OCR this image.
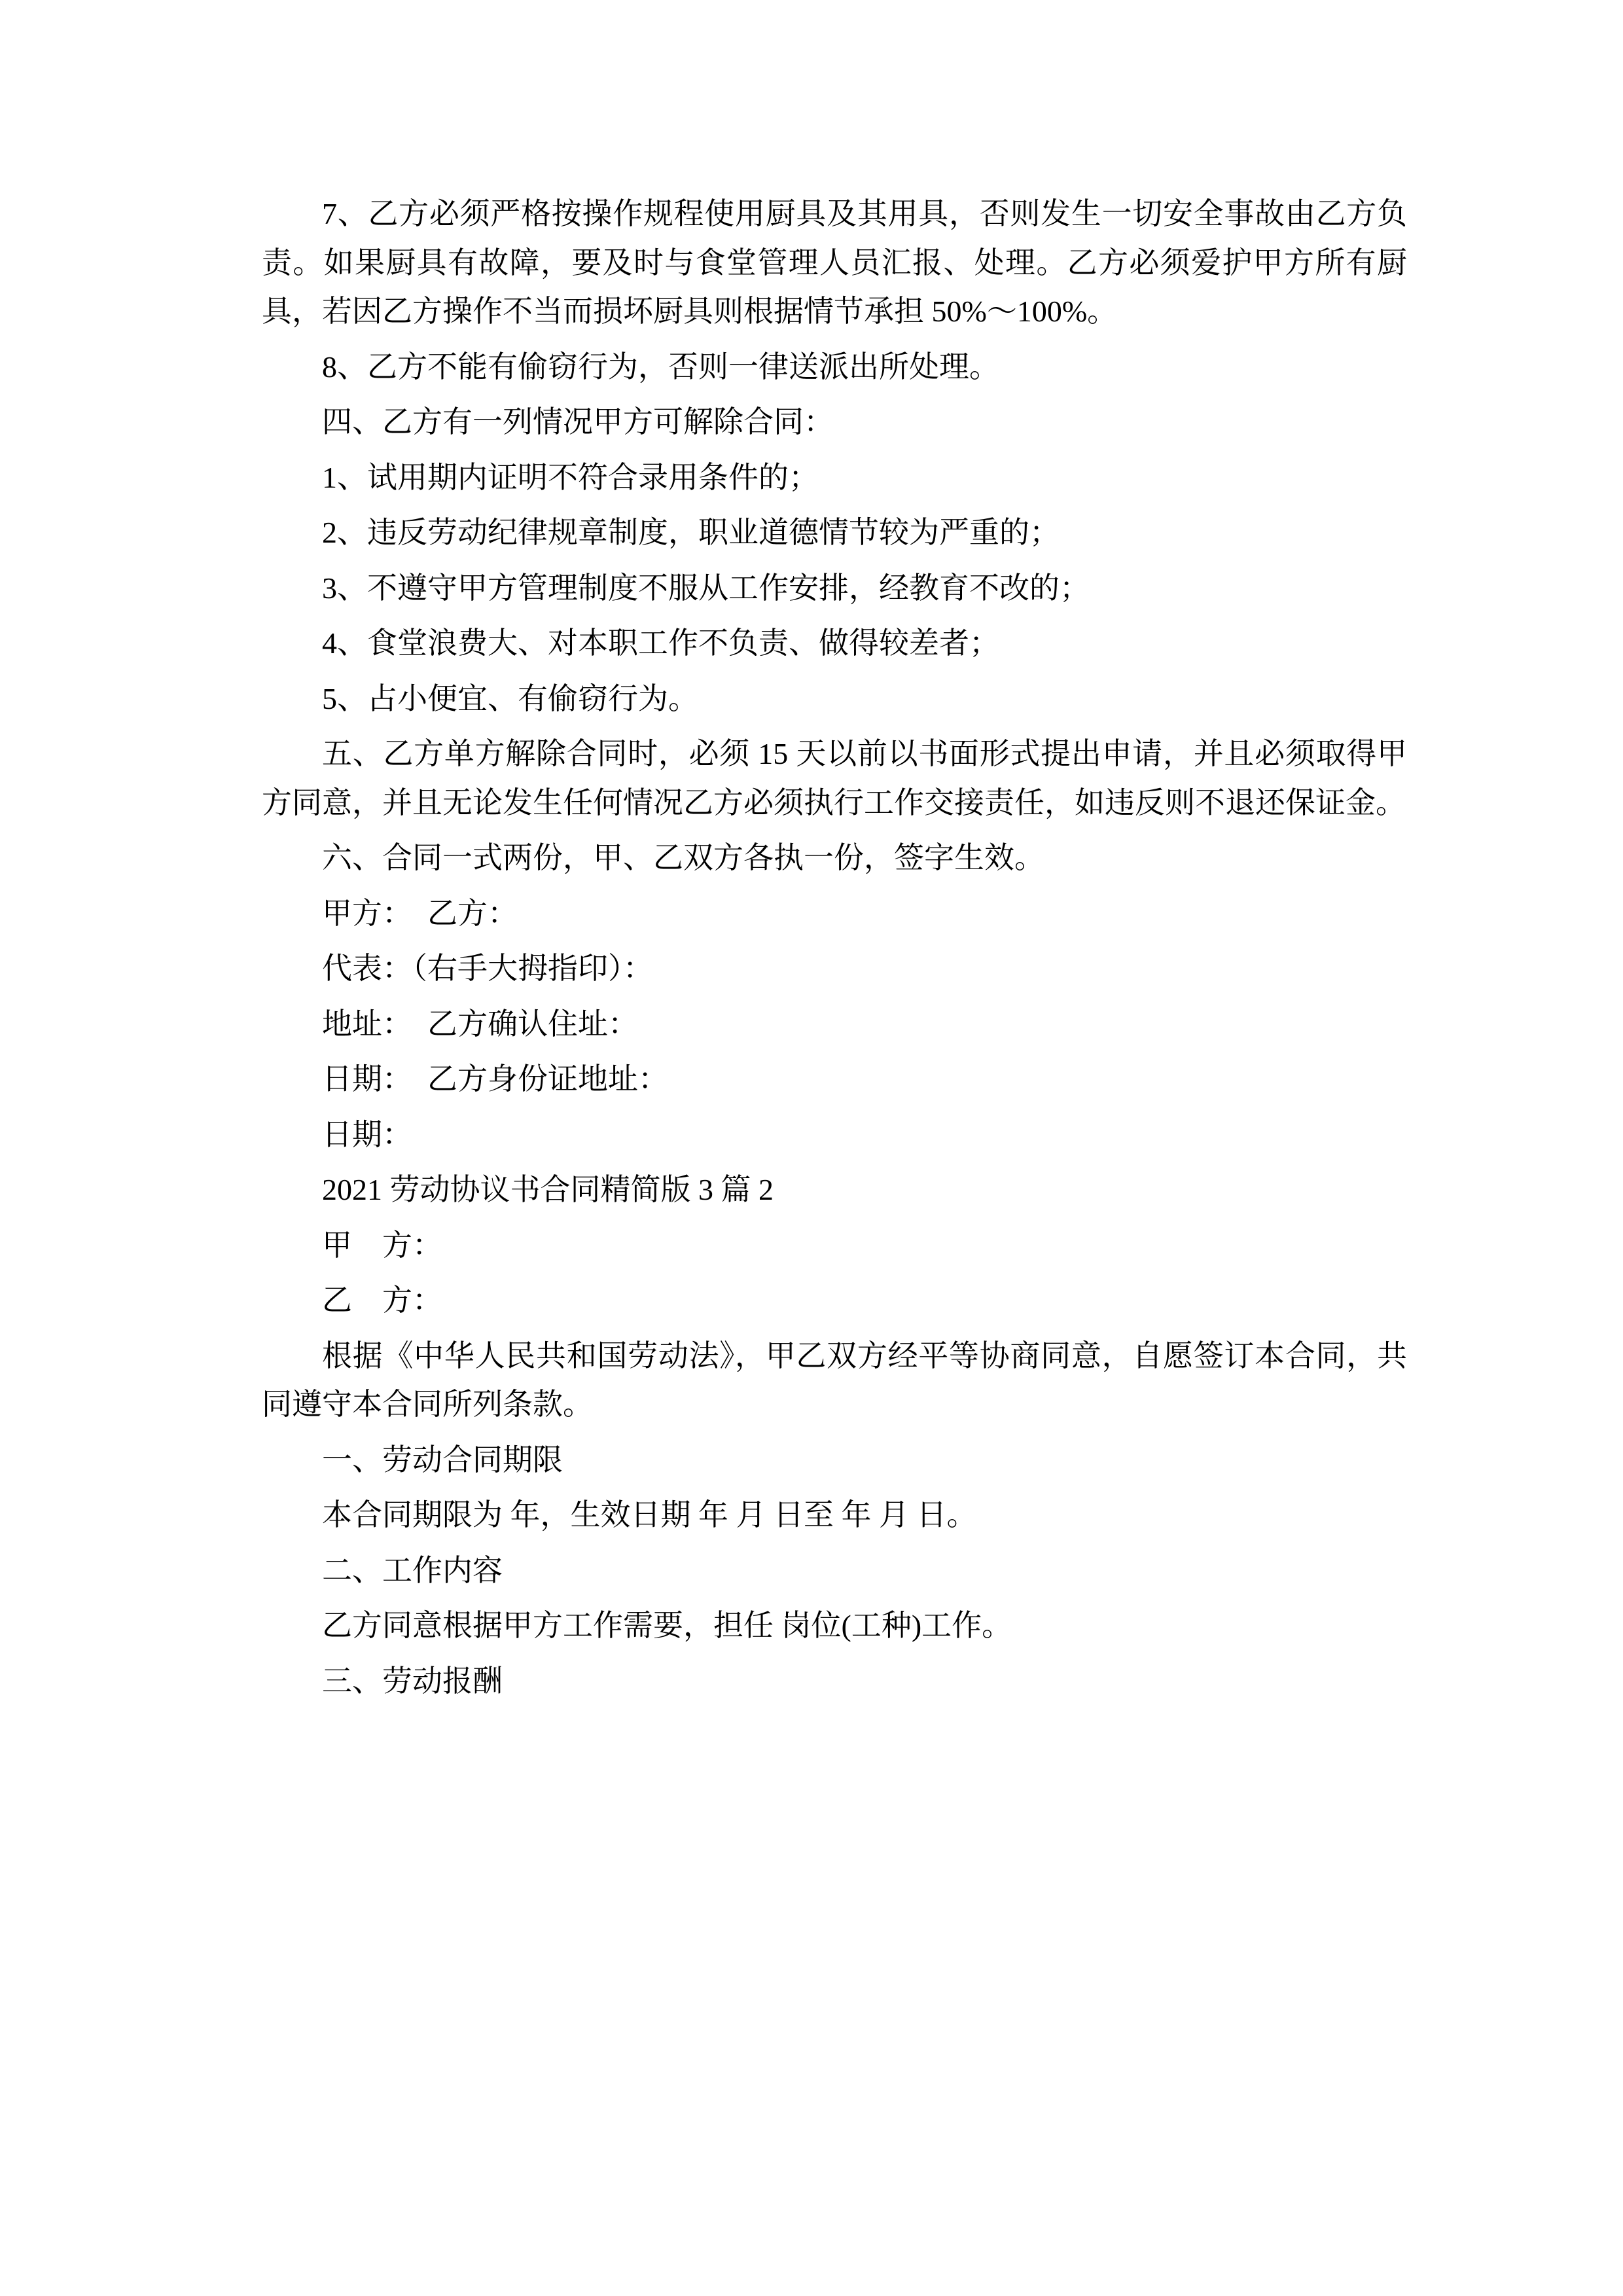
7、乙方必须严格按操作规程使用厨具及其用具，否则发生一切安全事故由乙方负责。如果厨具有故障，要及时与食堂管理人员汇报、处理。乙方必须爱护甲方所有厨具，若因乙方操作不当而损坏厨具则根据情节承担 50%～100%。

8、乙方不能有偷窃行为，否则一律送派出所处理。

四、乙方有一列情况甲方可解除合同：

1、试用期内证明不符合录用条件的；

2、违反劳动纪律规章制度，职业道德情节较为严重的；

3、不遵守甲方管理制度不服从工作安排，经教育不改的；

4、食堂浪费大、对本职工作不负责、做得较差者；

5、占小便宜、有偷窃行为。

五、乙方单方解除合同时，必须 15 天以前以书面形式提出申请，并且必须取得甲方同意，并且无论发生任何情况乙方必须执行工作交接责任，如违反则不退还保证金。

六、合同一式两份，甲、乙双方各执一份，签字生效。

甲方：　乙方：

代表：（右手大拇指印）：

地址：　乙方确认住址：

日期：　乙方身份证地址：

日期：

2021 劳动协议书合同精简版 3 篇 2

甲　方：

乙　方：

根据《中华人民共和国劳动法》，甲乙双方经平等协商同意，自愿签订本合同，共同遵守本合同所列条款。

一、劳动合同期限

本合同期限为 年，生效日期 年 月 日至 年 月 日。

二、工作内容

乙方同意根据甲方工作需要，担任 岗位(工种)工作。

三、劳动报酬
